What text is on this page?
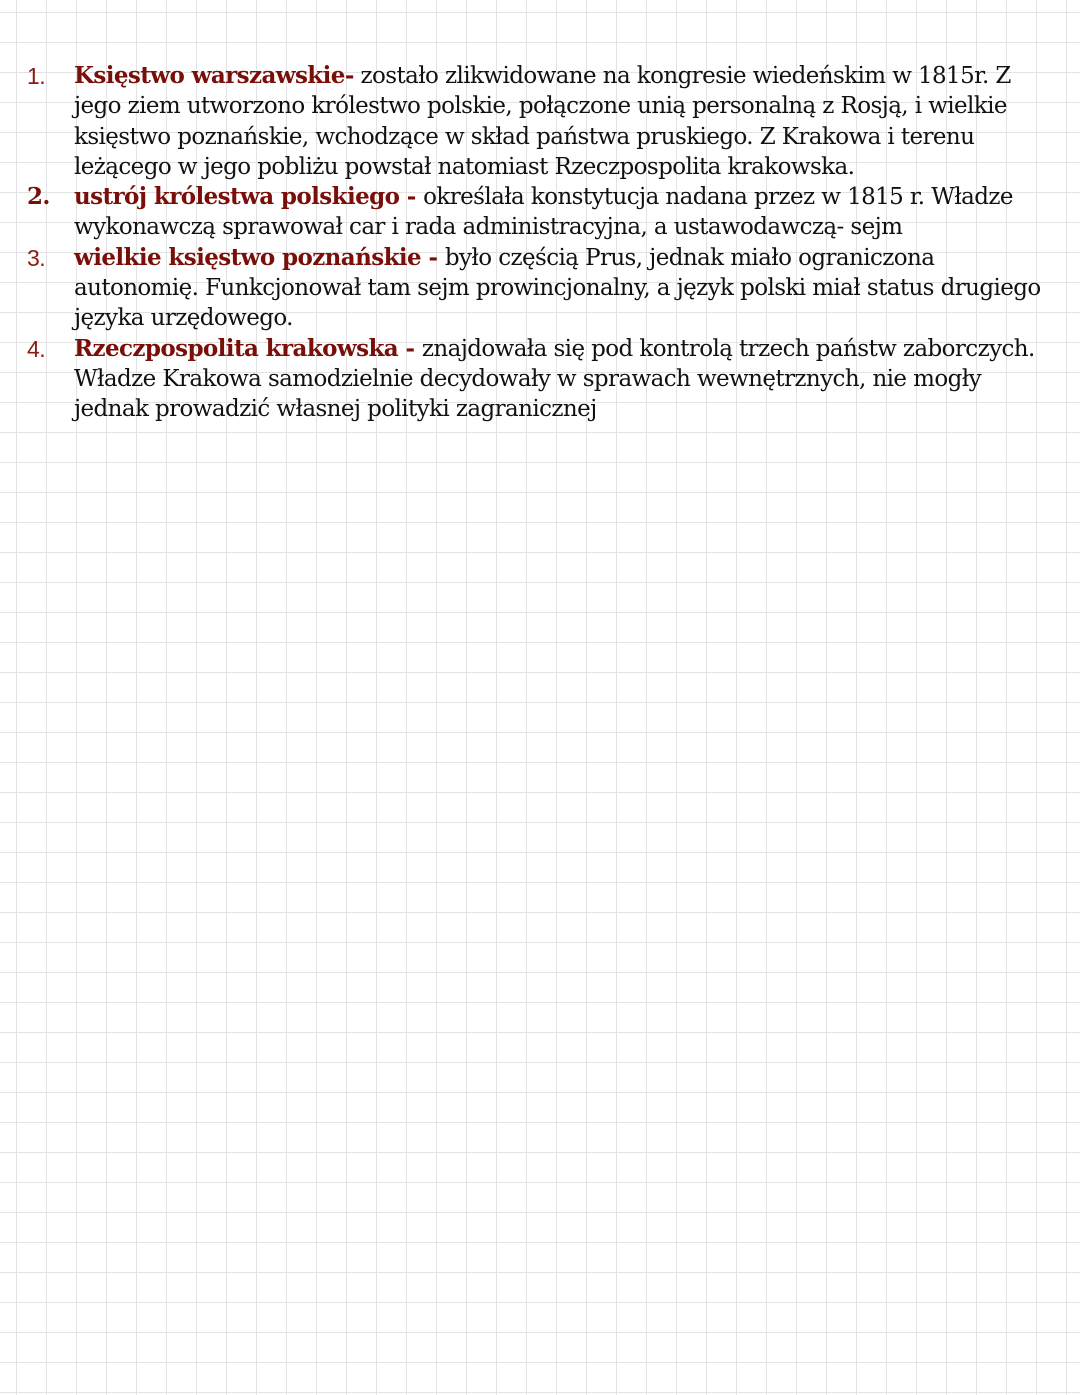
1.	Księstwo warszawskie- zostało zlikwidowane na kongresie wiedeńskim w 1815r. Z jego ziem utworzono królestwo polskie, połączone unią personalną z Rosją, i wielkie księstwo poznańskie, wchodzące w skład państwa pruskiego. Z Krakowa i terenu leżącego w jego pobliżu powstał natomiast Rzeczpospolita krakowska.
2.	ustrój królestwa polskiego - określała konstytucja nadana przez w 1815 r. Władze wykonawczą sprawował car i rada administracyjna, a ustawodawczą- sejm
3.	wielkie księstwo poznańskie - było częścią Prus, jednak miało ograniczona autonomię. Funkcjonował tam sejm prowincjonalny, a język polski miał status drugiego języka urzędowego.
4.	Rzeczpospolita krakowska - znajdowała się pod kontrolą trzech państw zaborczych. Władze Krakowa samodzielnie decydowały w sprawach wewnętrznych, nie mogły jednak prowadzić własnej polityki zagranicznej
